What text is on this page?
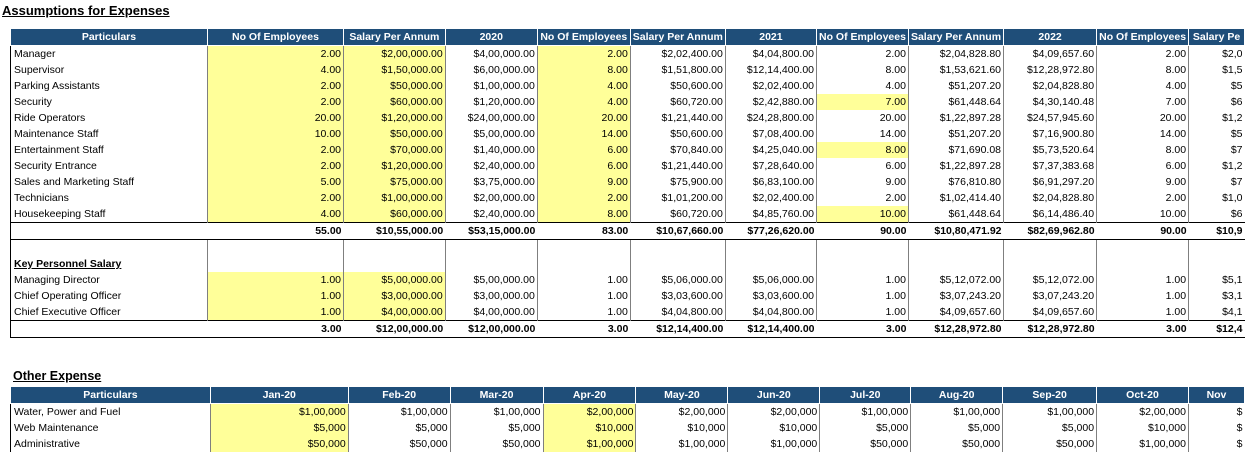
Assumptions for Expenses
Particulars	No Of Employees	Salary Per Annum	2020	No Of Employees	Salary Per Annum	2021	No Of Employees	Salary Per Annum	2022	No Of Employees	Salary Pe
Manager	2.00	$2,00,000.00	$4,00,000.00	2.00	$2,02,400.00	$4,04,800.00	2.00	$2,04,828.80	$4,09,657.60	2.00	$2,0
Supervisor	4.00	$1,50,000.00	$6,00,000.00	8.00	$1,51,800.00	$12,14,400.00	8.00	$1,53,621.60	$12,28,972.80	8.00	$1,5
Parking Assistants	2.00	$50,000.00	$1,00,000.00	4.00	$50,600.00	$2,02,400.00	4.00	$51,207.20	$2,04,828.80	4.00	$5
Security	2.00	$60,000.00	$1,20,000.00	4.00	$60,720.00	$2,42,880.00	7.00	$61,448.64	$4,30,140.48	7.00	$6
Ride Operators	20.00	$1,20,000.00	$24,00,000.00	20.00	$1,21,440.00	$24,28,800.00	20.00	$1,22,897.28	$24,57,945.60	20.00	$1,2
Maintenance Staff	10.00	$50,000.00	$5,00,000.00	14.00	$50,600.00	$7,08,400.00	14.00	$51,207.20	$7,16,900.80	14.00	$5
Entertainment Staff	2.00	$70,000.00	$1,40,000.00	6.00	$70,840.00	$4,25,040.00	8.00	$71,690.08	$5,73,520.64	8.00	$7
Security Entrance	2.00	$1,20,000.00	$2,40,000.00	6.00	$1,21,440.00	$7,28,640.00	6.00	$1,22,897.28	$7,37,383.68	6.00	$1,2
Sales and Marketing Staff	5.00	$75,000.00	$3,75,000.00	9.00	$75,900.00	$6,83,100.00	9.00	$76,810.80	$6,91,297.20	9.00	$7
Technicians	2.00	$1,00,000.00	$2,00,000.00	2.00	$1,01,200.00	$2,02,400.00	2.00	$1,02,414.40	$2,04,828.80	2.00	$1,0
Housekeeping Staff	4.00	$60,000.00	$2,40,000.00	8.00	$60,720.00	$4,85,760.00	10.00	$61,448.64	$6,14,486.40	10.00	$6
	55.00	$10,55,000.00	$53,15,000.00	83.00	$10,67,660.00	$77,26,620.00	90.00	$10,80,471.92	$82,69,962.80	90.00	$10,9

Key Personnel Salary											
Managing Director	1.00	$5,00,000.00	$5,00,000.00	1.00	$5,06,000.00	$5,06,000.00	1.00	$5,12,072.00	$5,12,072.00	1.00	$5,1
Chief Operating Officer	1.00	$3,00,000.00	$3,00,000.00	1.00	$3,03,600.00	$3,03,600.00	1.00	$3,07,243.20	$3,07,243.20	1.00	$3,1
Chief Executive Officer	1.00	$4,00,000.00	$4,00,000.00	1.00	$4,04,800.00	$4,04,800.00	1.00	$4,09,657.60	$4,09,657.60	1.00	$4,1
	3.00	$12,00,000.00	$12,00,000.00	3.00	$12,14,400.00	$12,14,400.00	3.00	$12,28,972.80	$12,28,972.80	3.00	$12,4
Other Expense
Particulars	Jan-20	Feb-20	Mar-20	Apr-20	May-20	Jun-20	Jul-20	Aug-20	Sep-20	Oct-20	Nov
Water, Power and Fuel	$1,00,000	$1,00,000	$1,00,000	$2,00,000	$2,00,000	$2,00,000	$1,00,000	$1,00,000	$1,00,000	$2,00,000	$
Web Maintenance	$5,000	$5,000	$5,000	$10,000	$10,000	$10,000	$5,000	$5,000	$5,000	$10,000	$
Administrative	$50,000	$50,000	$50,000	$1,00,000	$1,00,000	$1,00,000	$50,000	$50,000	$50,000	$1,00,000	$
